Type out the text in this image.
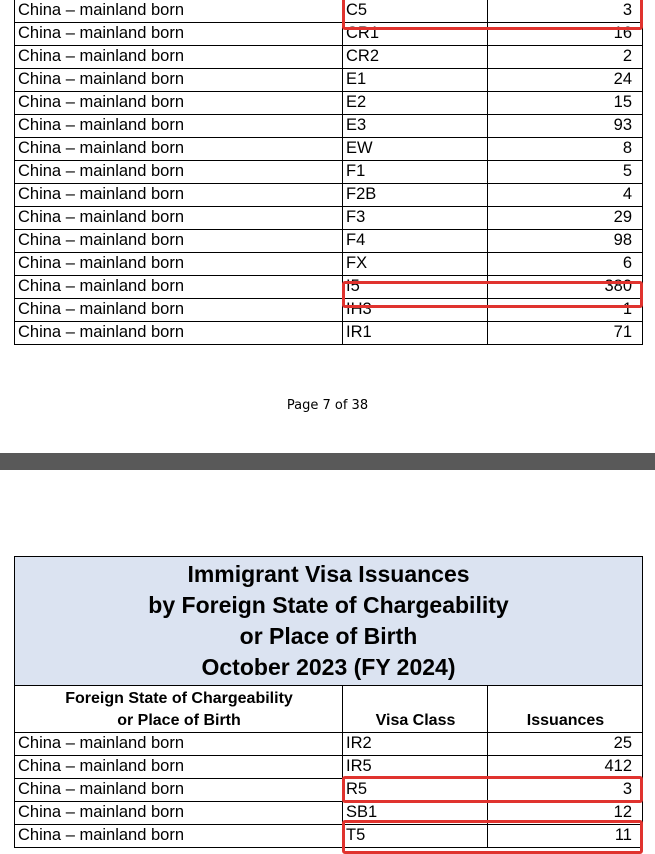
China – mainland born	C5	3
China – mainland born	CR1	16
China – mainland born	CR2	2
China – mainland born	E1	24
China – mainland born	E2	15
China – mainland born	E3	93
China – mainland born	EW	8
China – mainland born	F1	5
China – mainland born	F2B	4
China – mainland born	F3	29
China – mainland born	F4	98
China – mainland born	FX	6
China – mainland born	I5	380
China – mainland born	IH3	1
China – mainland born	IR1	71
Page 7 of 38
Immigrant Visa Issuances
by Foreign State of Chargeability
or Place of Birth
October 2023 (FY 2024)		

Foreign State of Chargeability
or Place of Birth	Visa Class	Issuances
China – mainland born	IR2	25
China – mainland born	IR5	412
China – mainland born	R5	3
China – mainland born	SB1	12
China – mainland born	T5	11
